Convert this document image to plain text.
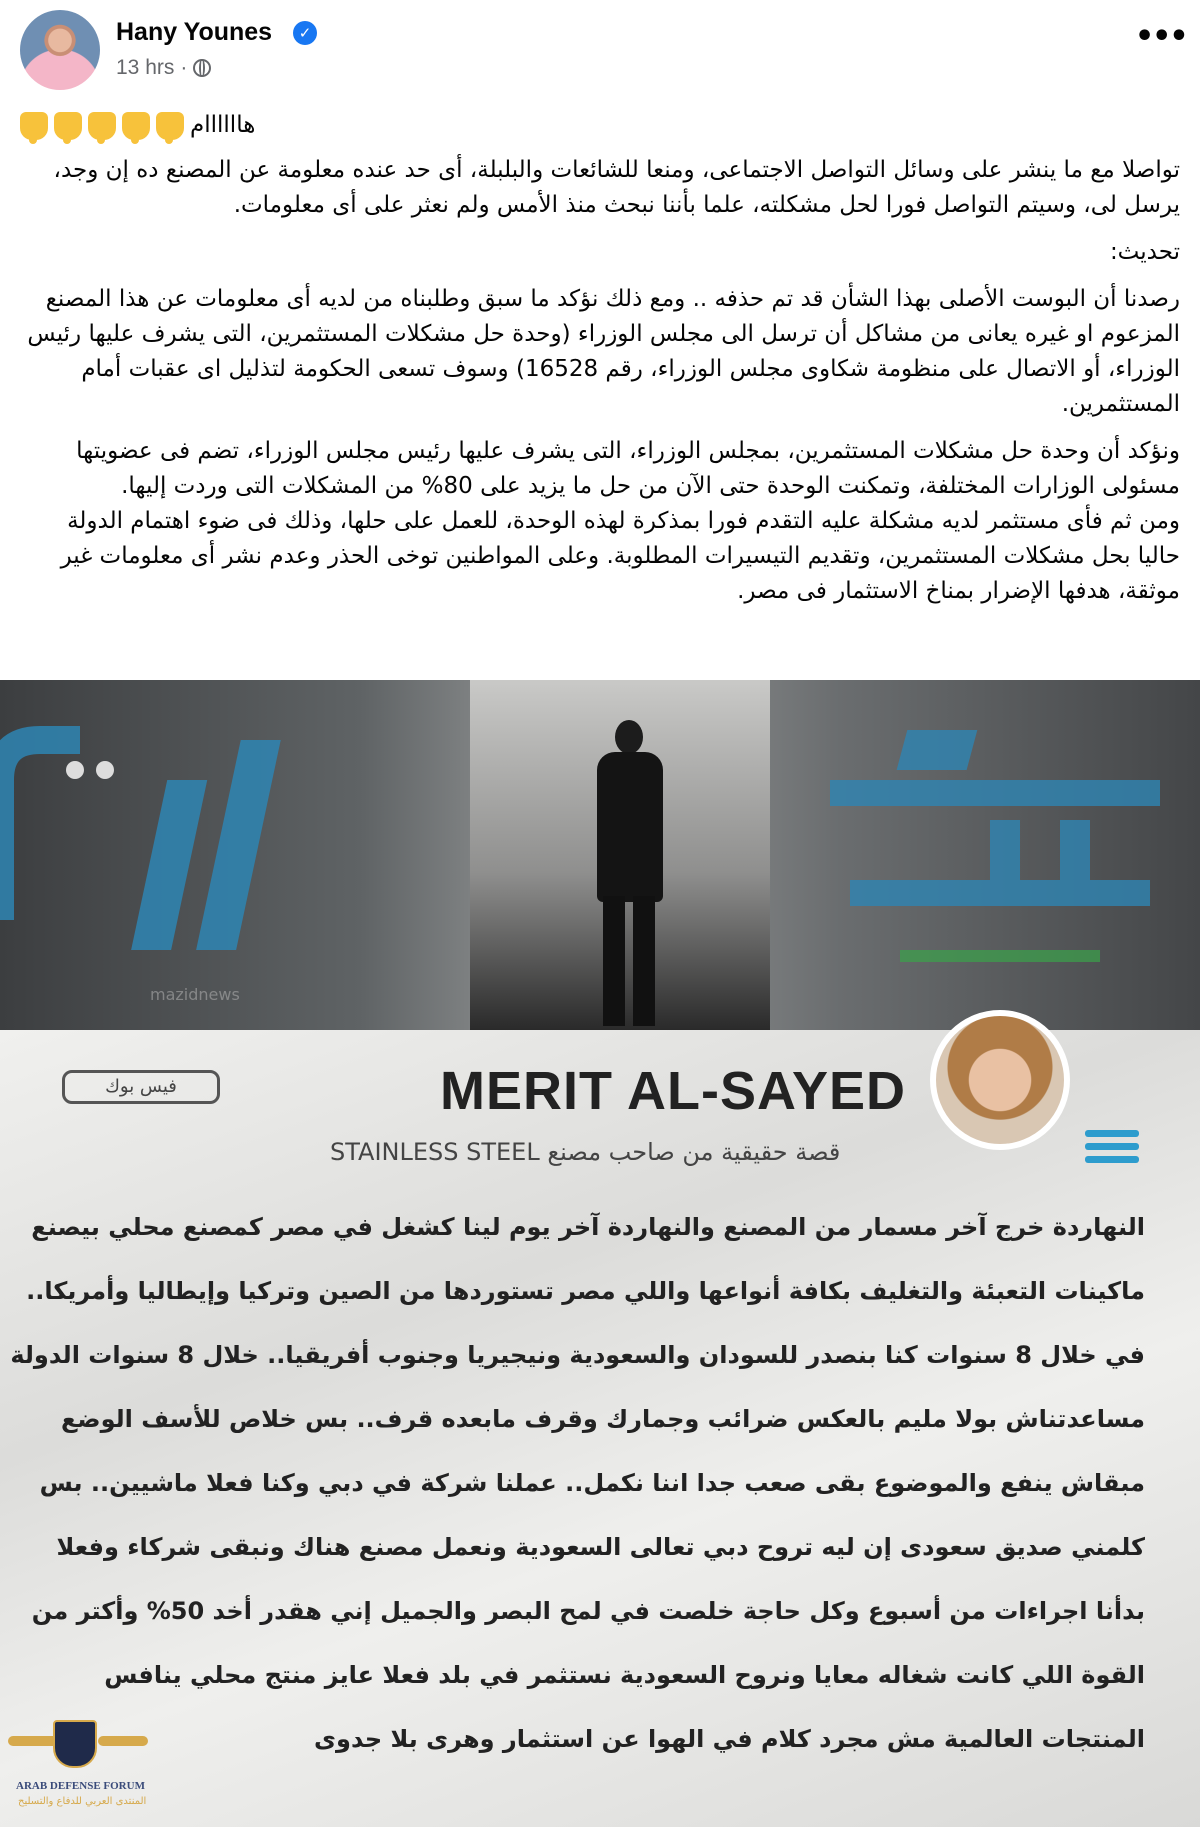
Hany Younes	✓
13 hrs ·
•••
هاااااام

تواصلا مع ما ينشر على وسائل التواصل الاجتماعى، ومنعا للشائعات والبلبلة، أى حد عنده معلومة عن المصنع ده إن وجد، يرسل لى، وسيتم التواصل فورا لحل مشكلته، علما بأننا نبحث منذ الأمس ولم نعثر على أى معلومات.

تحديث:

رصدنا أن البوست الأصلى بهذا الشأن قد تم حذفه .. ومع ذلك نؤكد ما سبق وطلبناه من لديه أى معلومات عن هذا المصنع المزعوم او غيره يعانى من مشاكل أن ترسل الى مجلس الوزراء (وحدة حل مشكلات المستثمرين، التى يشرف عليها رئيس الوزراء، أو الاتصال على منظومة شكاوى مجلس الوزراء، رقم 16528) وسوف تسعى الحكومة لتذليل اى عقبات أمام المستثمرين.

ونؤكد أن وحدة حل مشكلات المستثمرين، بمجلس الوزراء، التى يشرف عليها رئيس مجلس الوزراء، تضم فى عضويتها مسئولى الوزارات المختلفة، وتمكنت الوحدة حتى الآن من حل ما يزيد على 80% من المشكلات التى وردت إليها.

ومن ثم فأى مستثمر لديه مشكلة عليه التقدم فورا بمذكرة لهذه الوحدة، للعمل على حلها، وذلك فى ضوء اهتمام الدولة حاليا بحل مشكلات المستثمرين، وتقديم التيسيرات المطلوبة. وعلى المواطنين توخى الحذر وعدم نشر أى معلومات غير موثقة، هدفها الإضرار بمناخ الاستثمار فى مصر.

mazidnews
فيس بوك	MERIT AL-SAYED
STAINLESS STEEL قصة حقيقية من صاحب مصنع
النهاردة خرج آخر مسمار من المصنع والنهاردة آخر يوم لينا كشغل في مصر كمصنع محلي بيصنع
ماكينات التعبئة والتغليف بكافة أنواعها واللي مصر تستوردها من الصين وتركيا وإيطاليا وأمريكا..
في خلال 8 سنوات كنا بنصدر للسودان والسعودية ونيجيريا وجنوب أفريقيا.. خلال 8 سنوات الدولة
مساعدتناش بولا مليم بالعكس ضرائب وجمارك وقرف مابعده قرف.. بس خلاص للأسف الوضع
مبقاش ينفع والموضوع بقى صعب جدا اننا نكمل.. عملنا شركة في دبي وكنا فعلا ماشيين.. بس
كلمني صديق سعودى إن ليه تروح دبي تعالى السعودية ونعمل مصنع هناك ونبقى شركاء وفعلا
بدأنا اجراءات من أسبوع وكل حاجة خلصت في لمح البصر والجميل إني هقدر أخد 50% وأكتر من
القوة اللي كانت شغاله معايا ونروح السعودية نستثمر في بلد فعلا عايز منتج محلي ينافس
المنتجات العالمية مش مجرد كلام في الهوا عن استثمار وهرى بلا جدوى
ARAB DEFENSE FORUM
المنتدى العربي للدفاع والتسليح
